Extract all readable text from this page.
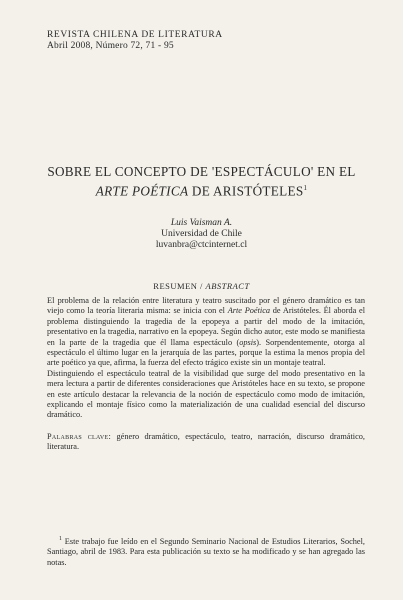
REVISTA CHILENA DE LITERATURA
Abril 2008, Número 72, 71 - 95
SOBRE EL CONCEPTO DE 'ESPECTÁCULO' EN EL
ARTE POÉTICA DE ARISTÓTELES$^1$
Luis Vaisman A.
Universidad de Chile
luvanbra@ctcinternet.cl
RESUMEN / ABSTRACT

El problema de la relación entre literatura y teatro suscitado por el género dramático es tan viejo como la teoría literaria misma: se inicia con el Arte Poética de Aristóteles. Él aborda el problema distinguiendo la tragedia de la epopeya a partir del modo de la imitación, presentativo en la tragedia, narrativo en la epopeya. Según dicho autor, este modo se manifiesta en la parte de la tragedia que él llama espectáculo (opsis). Sorpendentemente, otorga al espectáculo el último lugar en la jerarquía de las partes, porque la estima la menos propia del arte poético ya que, afirma, la fuerza del efecto trágico existe sin un montaje teatral.

Distinguiendo el espectáculo teatral de la visibilidad que surge del modo presentativo en la mera lectura a partir de diferentes consideraciones que Aristóteles hace en su texto, se propone en este artículo destacar la relevancia de la noción de espectáculo como modo de imitación, explicando el montaje físico como la materialización de una cualidad esencial del discurso dramático.

Palabras clave: género dramático, espectáculo, teatro, narración, discurso dramático, literatura.
$^1$ Este trabajo fue leído en el Segundo Seminario Nacional de Estudios Literarios, Sochel, Santiago, abril de 1983. Para esta publicación su texto se ha modificado y se han agregado las notas.
